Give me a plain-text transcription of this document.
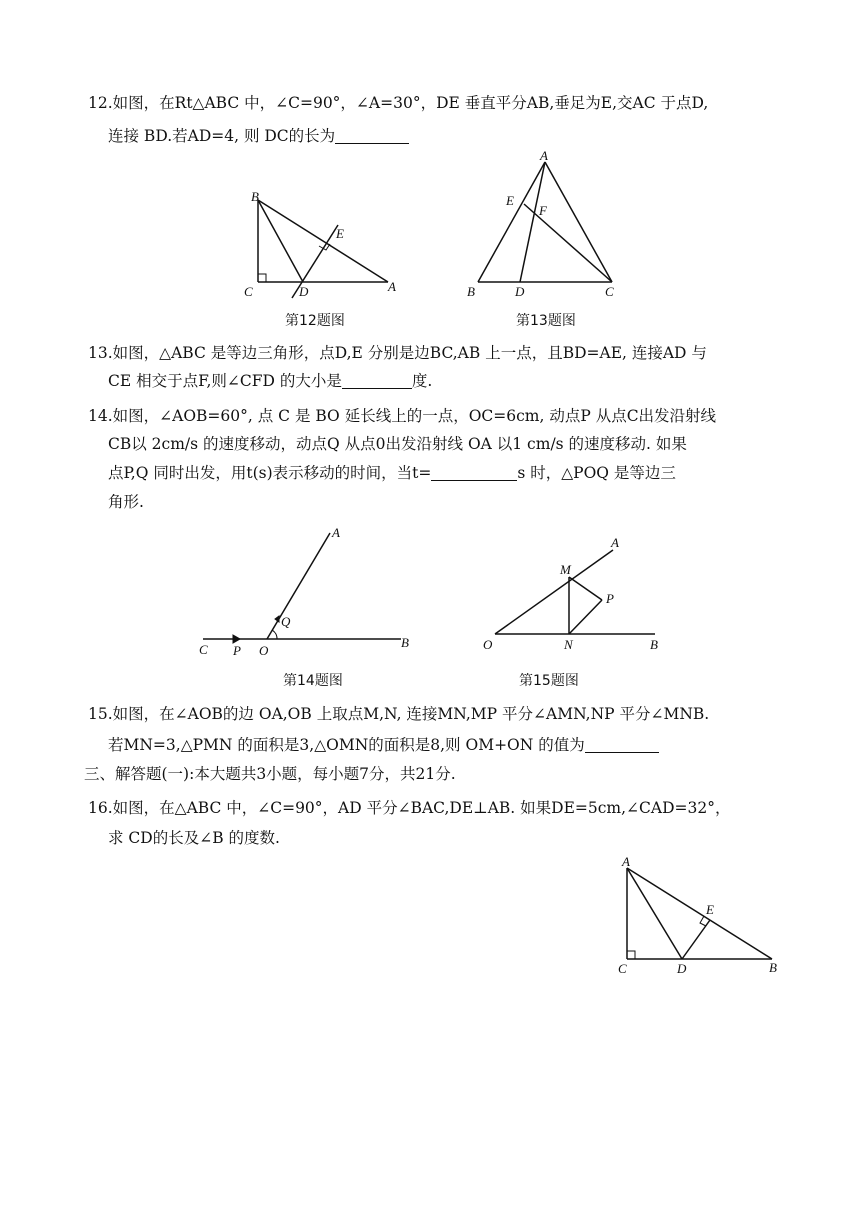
12.如图，在Rt△ABC 中，∠C=90°，∠A=30°，DE 垂直平分AB,垂足为E,交AC 于点D,
连接 BD.若AD=4, 则 DC的长为
B
E
C	D	A
第12题图
A
E
F
B	D	C
第13题图
13.如图，△ABC 是等边三角形，点D,E 分别是边BC,AB 上一点，且BD=AE, 连接AD 与
CE 相交于点F,则∠CFD 的大小是	度.
14.如图，∠AOB=60°, 点 C 是 BO 延长线上的一点，OC=6cm, 动点P 从点C出发沿射线
CB以 2cm/s 的速度移动，动点Q 从点0出发沿射线 OA 以1 cm/s 的速度移动. 如果
点P,Q 同时出发，用t(s)表示移动的时间，当t=	s 时，△POQ 是等边三
角形.
A
Q
C P O
B
第14题图
A
M
P
O	N	B
第15题图
15.如图，在∠AOB的边 OA,OB 上取点M,N, 连接MN,MP 平分∠AMN,NP 平分∠MNB.
若MN=3,△PMN 的面积是3,△OMN的面积是8,则 OM+ON 的值为
三、解答题(一):本大题共3小题，每小题7分，共21分.
16.如图，在△ABC 中，∠C=90°，AD 平分∠BAC,DE⊥AB. 如果DE=5cm,∠CAD=32°，
求 CD的长及∠B 的度数.
A
E
C	D	B
